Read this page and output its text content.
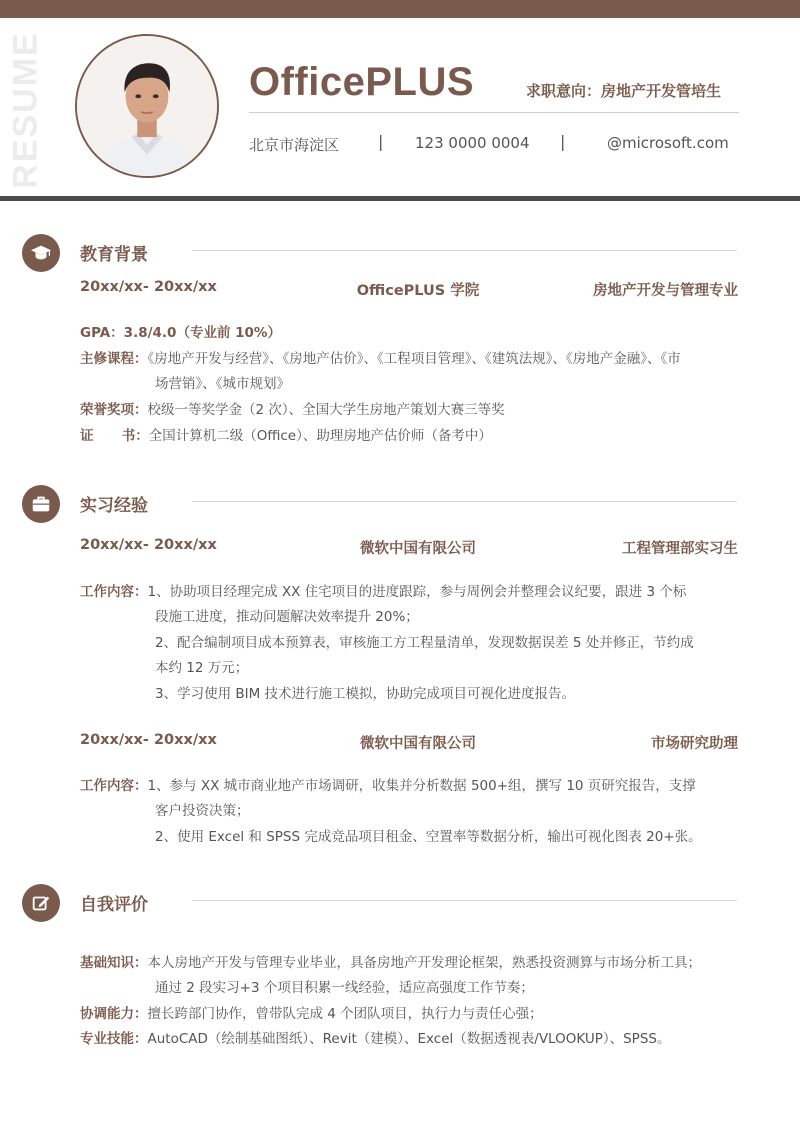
RESUME	OfficePLUS	求职意向：房地产开发管培生
北京市海淀区 | 123 0000 0004 |	@microsoft.com
教育背景
20xx/xx- 20xx/xx	OfficePLUS 学院	房地产开发与管理专业
GPA：3.8/4.0（专业前 10%）
主修课程：《房地产开发与经营》、《房地产估价》、《工程项目管理》、《建筑法规》、《房地产金融》、《市
场营销》、《城市规划》
荣誉奖项：校级一等奖学金（2 次）、全国大学生房地产策划大赛三等奖
证      书：全国计算机二级（Office）、助理房地产估价师（备考中）
实习经验
20xx/xx- 20xx/xx	微软中国有限公司	工程管理部实习生
工作内容：1、协助项目经理完成 XX 住宅项目的进度跟踪，参与周例会并整理会议纪要，跟进 3 个标
段施工进度，推动问题解决效率提升 20%；
2、配合编制项目成本预算表，审核施工方工程量清单，发现数据误差 5 处并修正，节约成
本约 12 万元；
3、学习使用 BIM 技术进行施工模拟，协助完成项目可视化进度报告。
20xx/xx- 20xx/xx	微软中国有限公司	市场研究助理
工作内容：1、参与 XX 城市商业地产市场调研，收集并分析数据 500+组，撰写 10 页研究报告，支撑
客户投资决策；
2、使用 Excel 和 SPSS 完成竞品项目租金、空置率等数据分析，输出可视化图表 20+张。
自我评价
基础知识：本人房地产开发与管理专业毕业，具备房地产开发理论框架，熟悉投资测算与市场分析工具；
通过 2 段实习+3 个项目积累一线经验，适应高强度工作节奏；
协调能力：擅长跨部门协作，曾带队完成 4 个团队项目，执行力与责任心强；
专业技能：AutoCAD（绘制基础图纸）、Revit（建模）、Excel（数据透视表/VLOOKUP）、SPSS。
